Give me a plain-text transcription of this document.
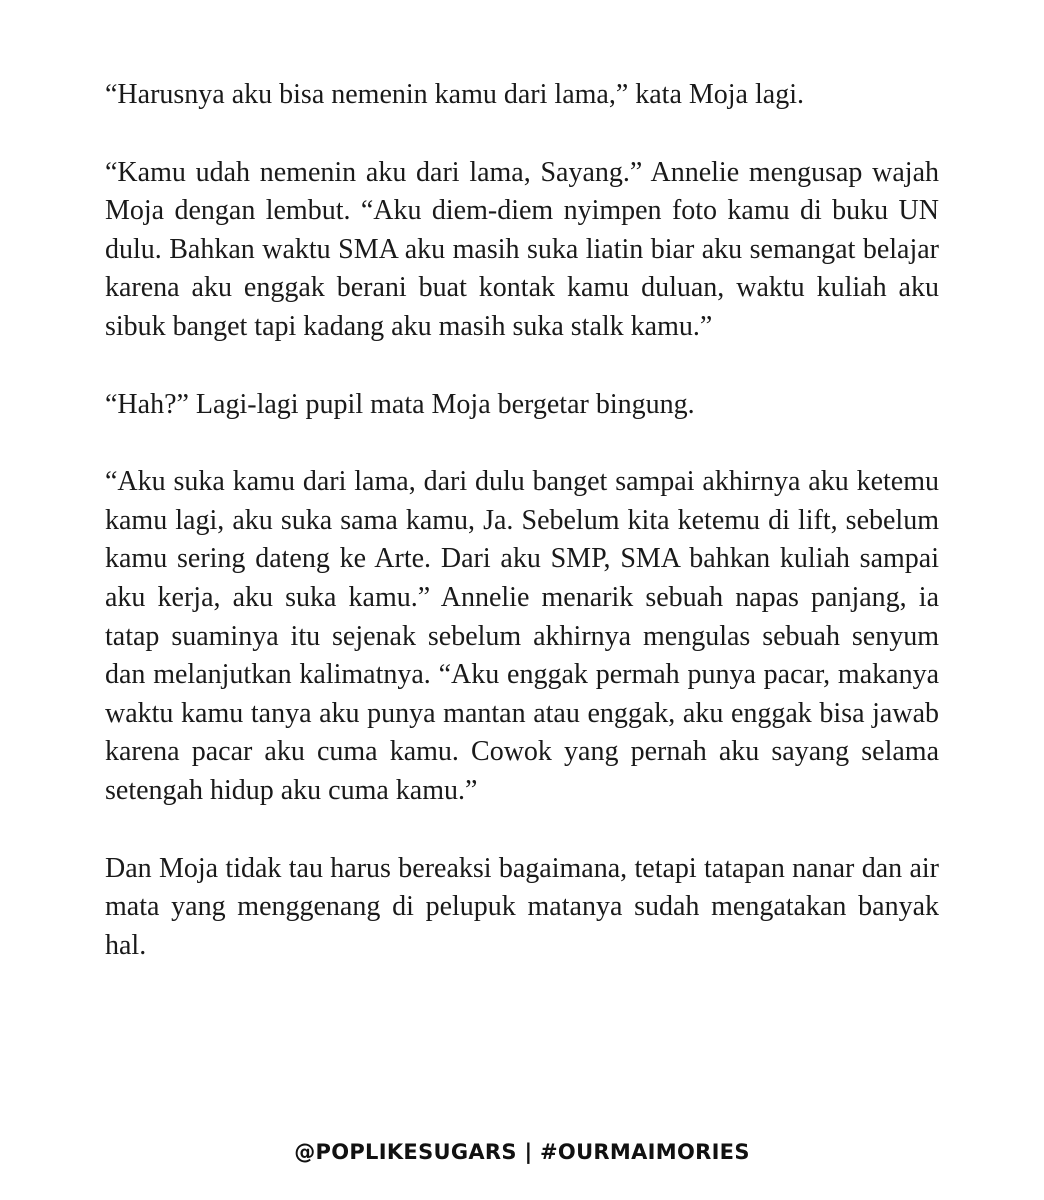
“Harusnya aku bisa nemenin kamu dari lama,” kata Moja lagi.

“Kamu udah nemenin aku dari lama, Sayang.” Annelie mengusap wajah Moja dengan lembut. “Aku diem-diem nyimpen foto kamu di buku UN dulu. Bahkan waktu SMA aku masih suka liatin biar aku semangat belajar karena aku enggak berani buat kontak kamu duluan, waktu kuliah aku sibuk banget tapi kadang aku masih suka stalk kamu.”

“Hah?” Lagi-lagi pupil mata Moja bergetar bingung.

“Aku suka kamu dari lama, dari dulu banget sampai akhirnya aku ketemu kamu lagi, aku suka sama kamu, Ja. Sebelum kita ketemu di lift, sebelum kamu sering dateng ke Arte. Dari aku SMP, SMA bahkan kuliah sampai aku kerja, aku suka kamu.” Annelie menarik sebuah napas panjang, ia tatap suaminya itu sejenak sebelum akhirnya mengulas sebuah senyum dan melanjutkan kalimatnya. “Aku enggak permah punya pacar, makanya waktu kamu tanya aku punya mantan atau enggak, aku enggak bisa jawab karena pacar aku cuma kamu. Cowok yang pernah aku sayang selama setengah hidup aku cuma kamu.”

Dan Moja tidak tau harus bereaksi bagaimana, tetapi tatapan nanar dan air mata yang menggenang di pelupuk matanya sudah mengatakan banyak hal.

@POPLIKESUGARS | #OURMAIMORIES
